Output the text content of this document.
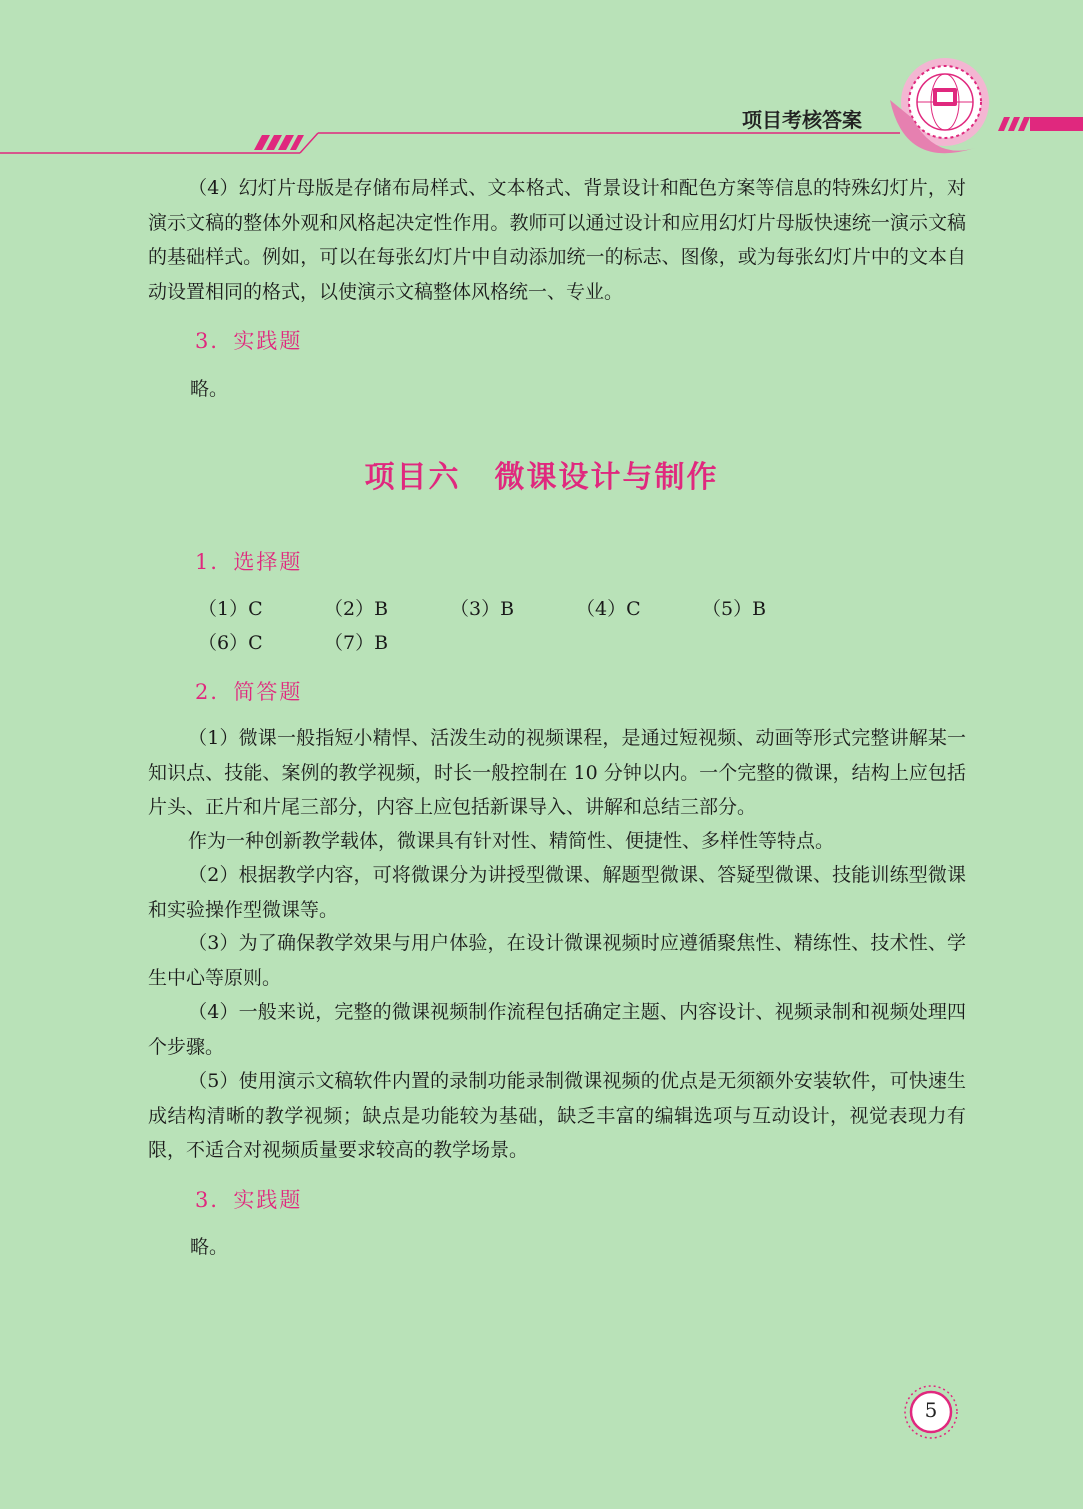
项目考核答案
（4）幻灯片母版是存储布局样式、文本格式、背景设计和配色方案等信息的特殊幻灯片，对演示文稿的整体外观和风格起决定性作用。教师可以通过设计和应用幻灯片母版快速统一演示文稿的基础样式。例如，可以在每张幻灯片中自动添加统一的标志、图像，或为每张幻灯片中的文本自动设置相同的格式，以使演示文稿整体风格统一、专业。
3．实践题
略。
项目六 微课设计与制作
1．选择题
（1）C	（2）B	（3）B	（4）C	（5）B
（6）C	（7）B
2．简答题
（1）微课一般指短小精悍、活泼生动的视频课程，是通过短视频、动画等形式完整讲解某一知识点、技能、案例的教学视频，时长一般控制在 10 分钟以内。一个完整的微课，结构上应包括片头、正片和片尾三部分，内容上应包括新课导入、讲解和总结三部分。
作为一种创新教学载体，微课具有针对性、精简性、便捷性、多样性等特点。
（2）根据教学内容，可将微课分为讲授型微课、解题型微课、答疑型微课、技能训练型微课和实验操作型微课等。
（3）为了确保教学效果与用户体验，在设计微课视频时应遵循聚焦性、精练性、技术性、学生中心等原则。
（4）一般来说，完整的微课视频制作流程包括确定主题、内容设计、视频录制和视频处理四个步骤。
（5）使用演示文稿软件内置的录制功能录制微课视频的优点是无须额外安装软件，可快速生成结构清晰的教学视频；缺点是功能较为基础，缺乏丰富的编辑选项与互动设计，视觉表现力有限，不适合对视频质量要求较高的教学场景。
3．实践题
略。
5
